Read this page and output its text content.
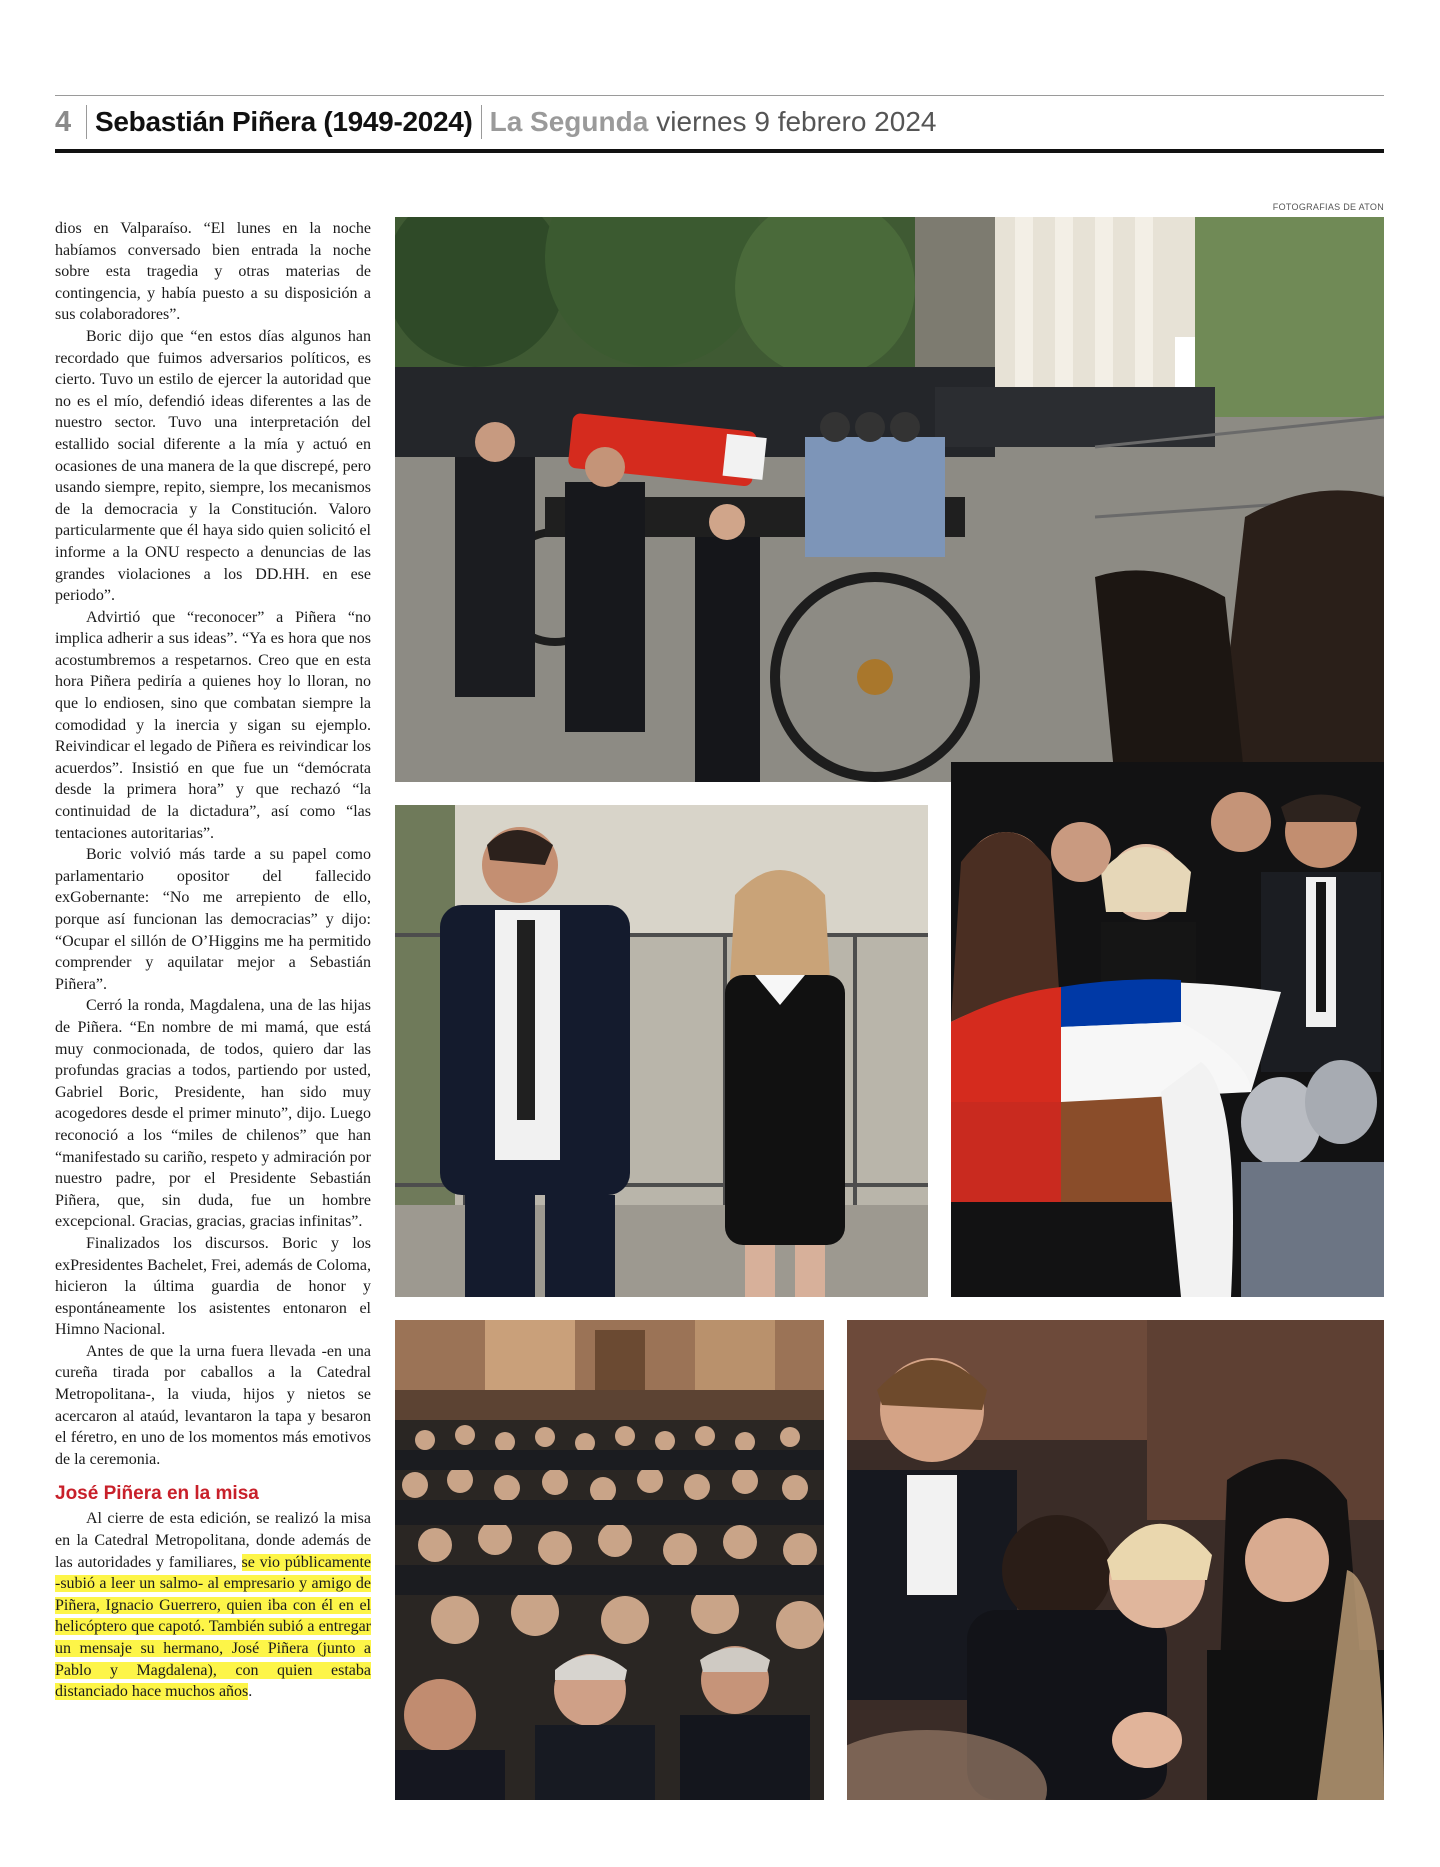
4 Sebastián Piñera (1949-2024) La Segunda viernes 9 febrero 2024
FOTOGRAFIAS DE ATON

dios en Valparaíso. “El lunes en la noche habíamos conversado bien entrada la noche sobre esta tragedia y otras materias de contingencia, y había puesto a su disposición a sus colaboradores”.

Boric dijo que “en estos días algunos han recordado que fuimos adversarios políticos, es cierto. Tuvo un estilo de ejercer la autoridad que no es el mío, defendió ideas diferentes a las de nuestro sector. Tuvo una interpretación del estallido social diferente a la mía y actuó en ocasiones de una manera de la que discrepé, pero usando siempre, repito, siempre, los mecanismos de la democracia y la Constitución. Valoro particularmente que él haya sido quien solicitó el informe a la ONU respecto a denuncias de las grandes violaciones a los DD.HH. en ese periodo”.

Advirtió que “reconocer” a Piñera “no implica adherir a sus ideas”. “Ya es hora que nos acostumbremos a respetarnos. Creo que en esta hora Piñera pediría a quienes hoy lo lloran, no que lo endiosen, sino que combatan siempre la comodidad y la inercia y sigan su ejemplo. Reivindicar el legado de Piñera es reivindicar los acuerdos”. Insistió en que fue un “demócrata desde la primera hora” y que rechazó “la continuidad de la dictadura”, así como “las tentaciones autoritarias”.

Boric volvió más tarde a su papel como parlamentario opositor del fallecido exGobernante: “No me arrepiento de ello, porque así funcionan las democracias” y dijo: “Ocupar el sillón de O’Higgins me ha permitido comprender y aquilatar mejor a Sebastián Piñera”.

Cerró la ronda, Magdalena, una de las hijas de Piñera. “En nombre de mi mamá, que está muy conmocionada, de todos, quiero dar las profundas gracias a todos, partiendo por usted, Gabriel Boric, Presidente, han sido muy acogedores desde el primer minuto”, dijo. Luego reconoció a los “miles de chilenos” que han “manifestado su cariño, respeto y admiración por nuestro padre, por el Presidente Sebastián Piñera, que, sin duda, fue un hombre excepcional. Gracias, gracias, gracias infinitas”.

Finalizados los discursos. Boric y los exPresidentes Bachelet, Frei, además de Coloma, hicieron la última guardia de honor y espontáneamente los asistentes entonaron el Himno Nacional.

Antes de que la urna fuera llevada -en una cureña tirada por caballos a la Catedral Metropolitana-, la viuda, hijos y nietos se acercaron al ataúd, levantaron la tapa y besaron el féretro, en uno de los momentos más emotivos de la ceremonia.

José Piñera en la misa

Al cierre de esta edición, se realizó la misa en la Catedral Metropolitana, donde además de las autoridades y familiares, se vio públicamente -subió a leer un salmo- al empresario y amigo de Piñera, Ignacio Guerrero, quien iba con él en el helicóptero que capotó. También subió a entregar un mensaje su hermano, José Piñera (junto a Pablo y Magdalena), con quien estaba distanciado hace muchos años.
